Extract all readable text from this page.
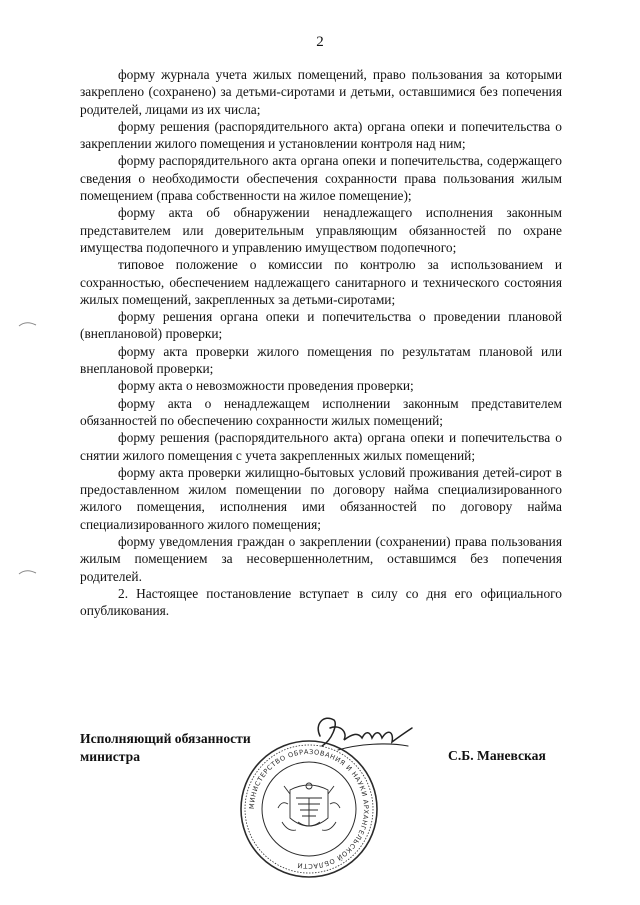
2

форму журнала учета жилых помещений, право пользования за которыми закреплено (сохранено) за детьми-сиротами и детьми, оставшимися без попечения родителей, лицами из их числа;

форму решения (распорядительного акта) органа опеки и попечительства о закреплении жилого помещения и установлении контроля над ним;

форму распорядительного акта органа опеки и попечительства, содержащего сведения о необходимости обеспечения сохранности права пользования жилым помещением (права собственности на жилое помещение);

форму акта об обнаружении ненадлежащего исполнения законным представителем или доверительным управляющим обязанностей по охране имущества подопечного и управлению имуществом подопечного;

типовое положение о комиссии по контролю за использованием и сохранностью, обеспечением надлежащего санитарного и технического состояния жилых помещений, закрепленных за детьми-сиротами;

форму решения органа опеки и попечительства о проведении плановой (внеплановой) проверки;

форму акта проверки жилого помещения по результатам плановой или внеплановой проверки;

форму акта о невозможности проведения проверки;

форму акта о ненадлежащем исполнении законным представителем обязанностей по обеспечению сохранности жилых помещений;

форму решения (распорядительного акта) органа опеки и попечительства о снятии жилого помещения с учета закрепленных жилых помещений;

форму акта проверки жилищно-бытовых условий проживания детей-сирот в предоставленном жилом помещении по договору найма специализированного жилого помещения, исполнения ими обязанностей по договору найма специализированного жилого помещения;

форму уведомления граждан о закреплении (сохранении) права пользования жилым помещением за несовершеннолетним, оставшимся без попечения родителей.

2. Настоящее постановление вступает в силу со дня его официального опубликования.

Исполняющий обязанности
министра
МИНИСТЕРСТВО ОБРАЗОВАНИЯ И НАУКИ АРХАНГЕЛЬСКОЙ ОБЛАСТИ
С.Б. Маневская
